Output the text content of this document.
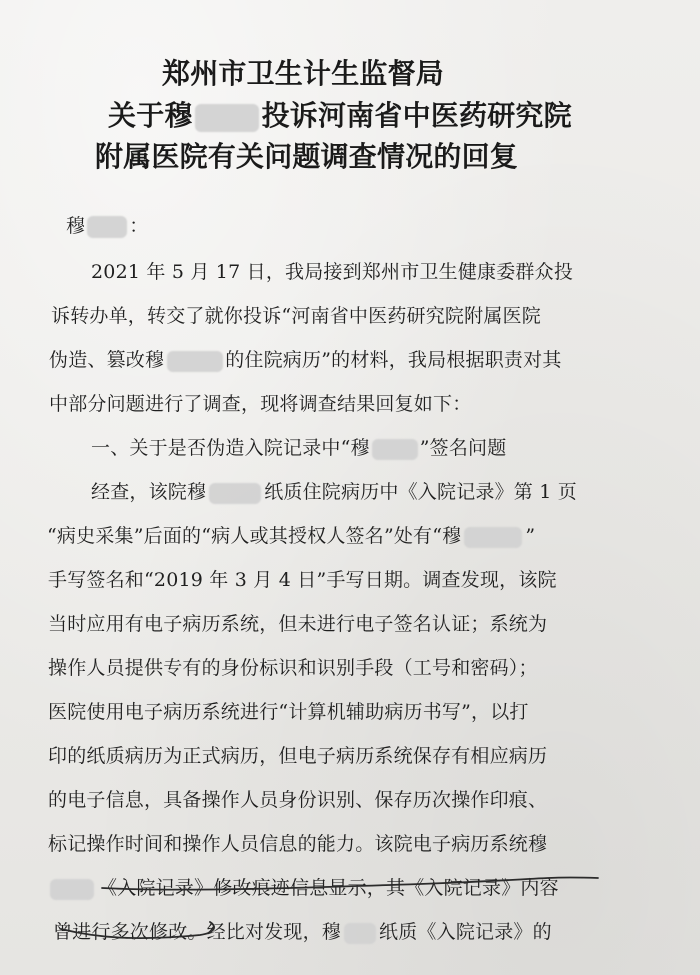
郑州市卫生计生监督局
关于穆 投诉河南省中医药研究院
附属医院有关问题调查情况的回复
穆 ：
2021 年 5 月 17 日，我局接到郑州市卫生健康委群众投
诉转办单，转交了就你投诉“河南省中医药研究院附属医院
伪造、篡改穆	的住院病历”的材料，我局根据职责对其
中部分问题进行了调查，现将调查结果回复如下：
一、关于是否伪造入院记录中“穆	”签名问题
经查，该院穆	纸质住院病历中《入院记录》第 1 页
“病史采集”后面的“病人或其授权人签名”处有“穆	”
手写签名和“2019 年 3 月 4 日”手写日期。调查发现，该院
当时应用有电子病历系统，但未进行电子签名认证；系统为
操作人员提供专有的身份标识和识别手段（工号和密码）；
医院使用电子病历系统进行“计算机辅助病历书写”，以打
印的纸质病历为正式病历，但电子病历系统保存有相应病历
的电子信息，具备操作人员身份识别、保存历次操作印痕、
标记操作时间和操作人员信息的能力。该院电子病历系统穆
《入院记录》修改痕迹信息显示，其《入院记录》内容
曾进行多次修改。经比对发现，穆 纸质《入院记录》的
